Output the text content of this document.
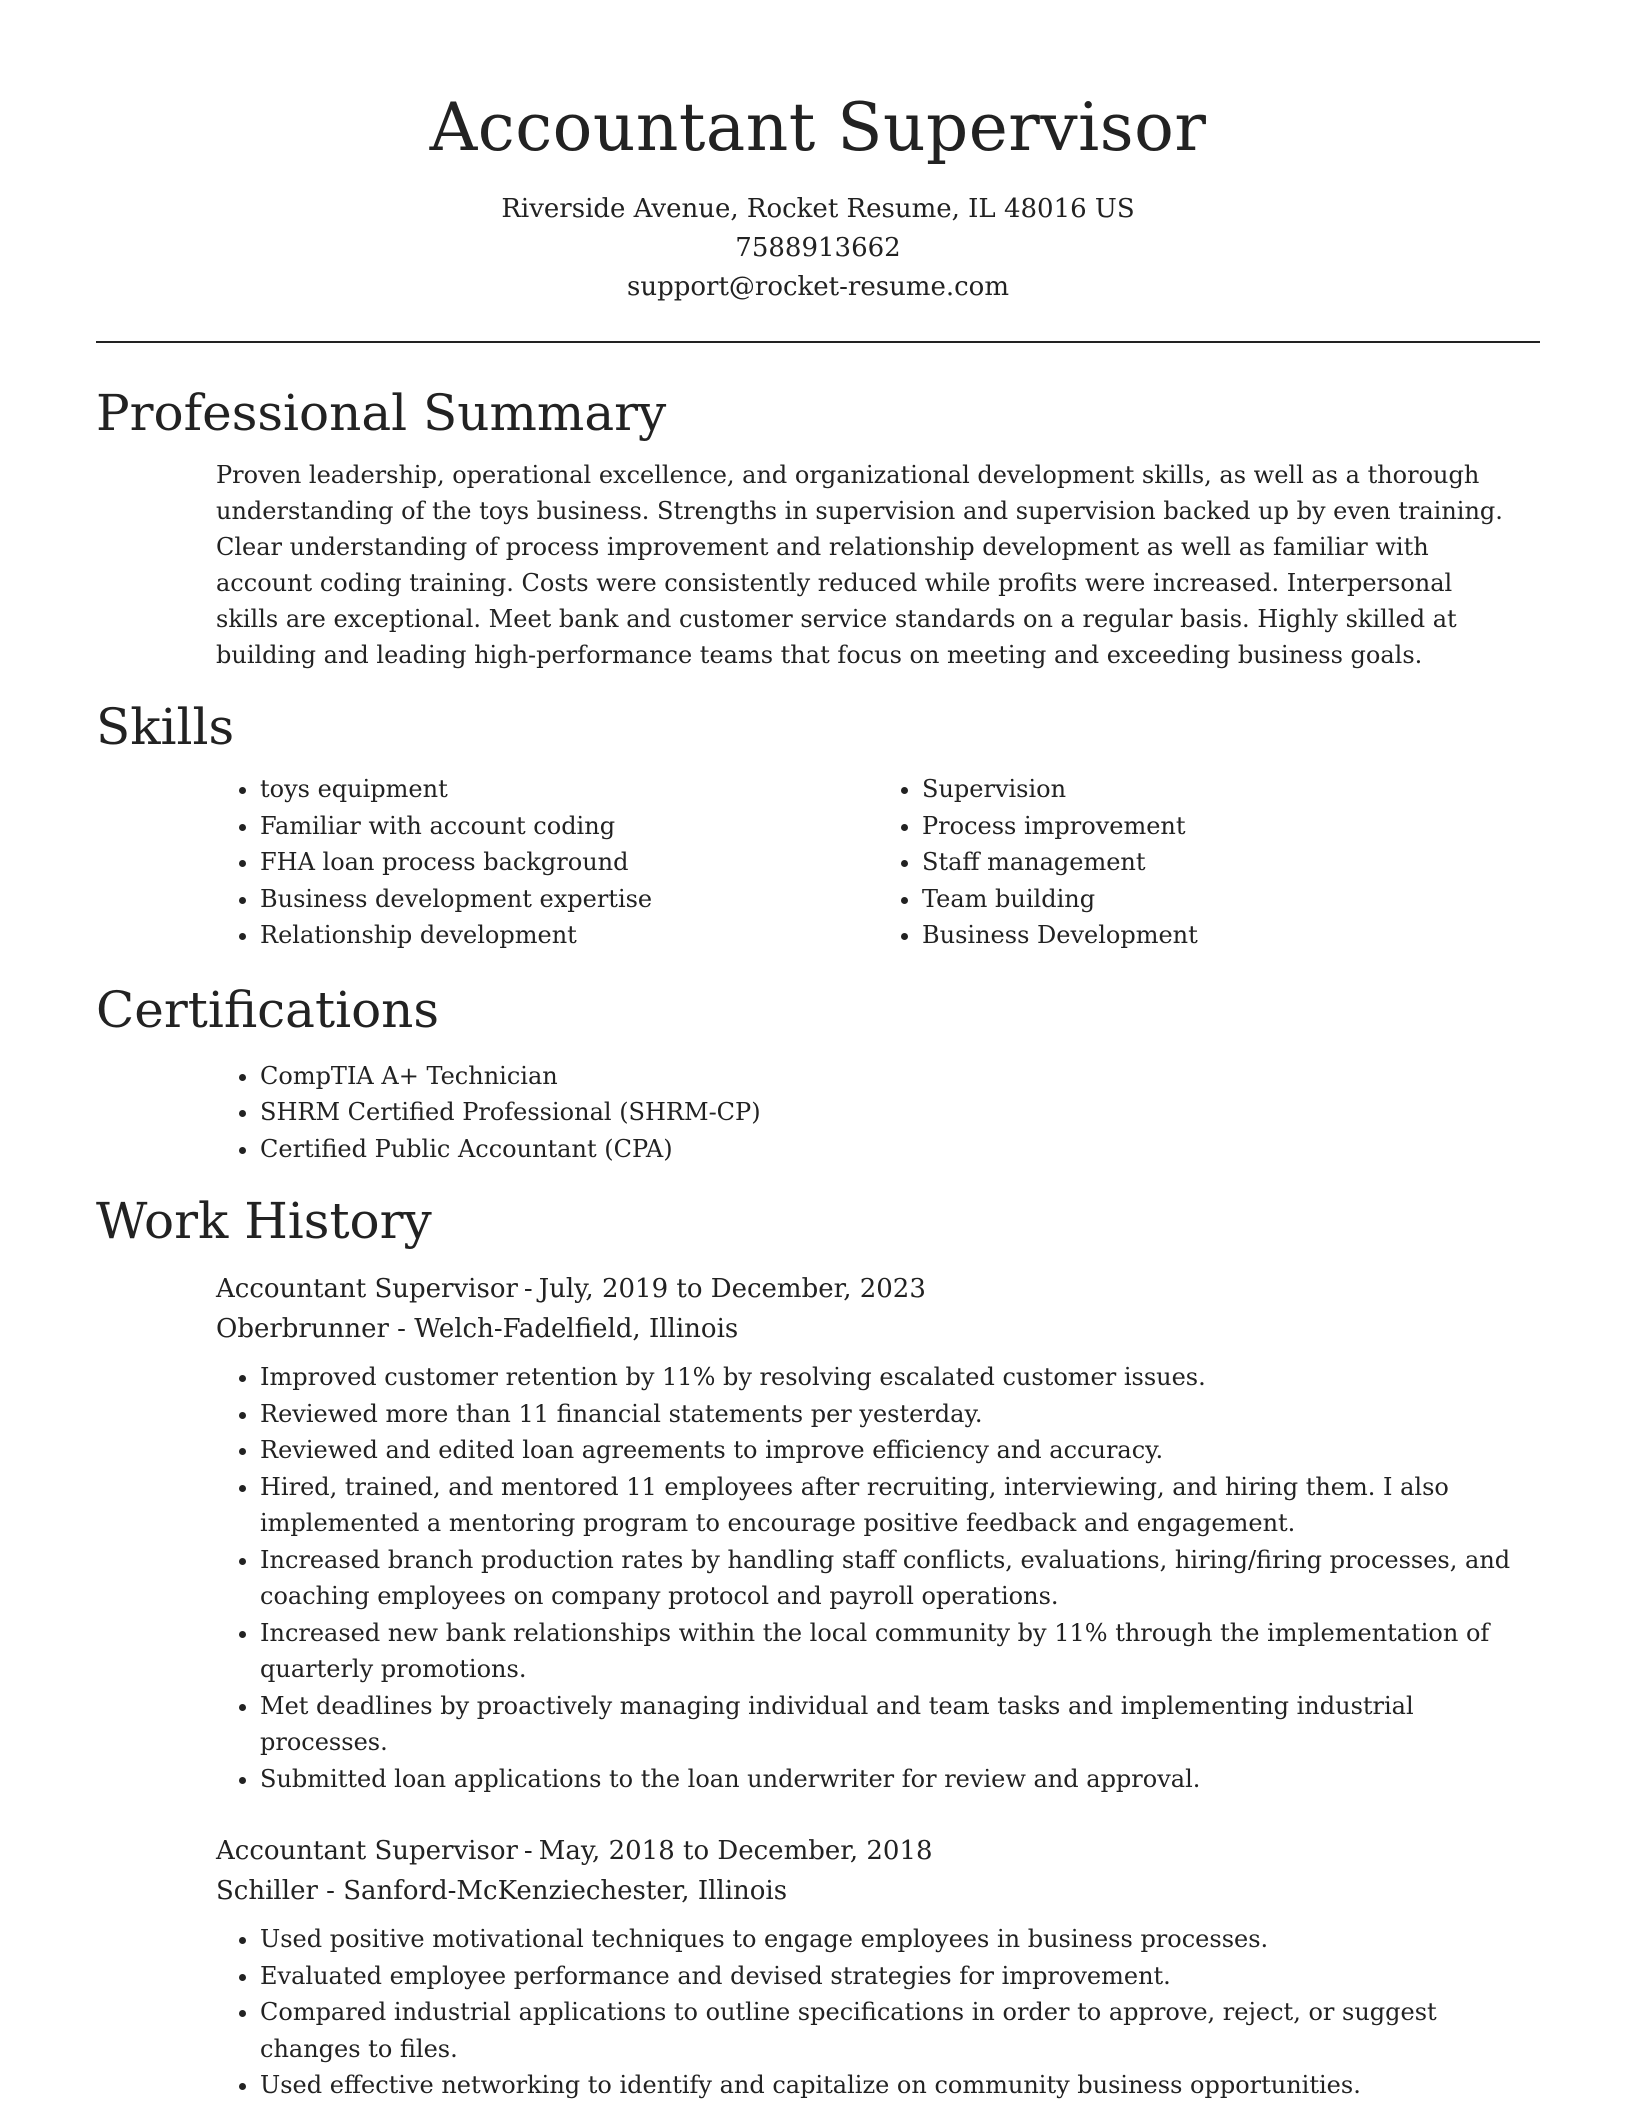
Accountant Supervisor
Riverside Avenue, Rocket Resume, IL 48016 US
7588913662
support@rocket-resume.com
Professional Summary

Proven leadership, operational excellence, and organizational development skills, as well as a thorough understanding of the toys business. Strengths in supervision and supervision backed up by even training. Clear understanding of process improvement and relationship development as well as familiar with account coding training. Costs were consistently reduced while profits were increased. Interpersonal skills are exceptional. Meet bank and customer service standards on a regular basis. Highly skilled at building and leading high-performance teams that focus on meeting and exceeding business goals.

Skills
• toys equipment
• Familiar with account coding
• FHA loan process background
• Business development expertise
• Relationship development
• Supervision
• Process improvement
• Staff management
• Team building
• Business Development
Certifications
• CompTIA A+ Technician
• SHRM Certified Professional (SHRM-CP)
• Certified Public Accountant (CPA)
Work History
Accountant Supervisor - July, 2019 to December, 2023
Oberbrunner - Welch-Fadelfield, Illinois
• Improved customer retention by 11% by resolving escalated customer issues.
• Reviewed more than 11 financial statements per yesterday.
• Reviewed and edited loan agreements to improve efficiency and accuracy.
• Hired, trained, and mentored 11 employees after recruiting, interviewing, and hiring them. I also implemented a mentoring program to encourage positive feedback and engagement.
• Increased branch production rates by handling staff conflicts, evaluations, hiring/firing processes, and coaching employees on company protocol and payroll operations.
• Increased new bank relationships within the local community by 11% through the implementation of quarterly promotions.
• Met deadlines by proactively managing individual and team tasks and implementing industrial processes.
• Submitted loan applications to the loan underwriter for review and approval.
Accountant Supervisor - May, 2018 to December, 2018
Schiller - Sanford-McKenziechester, Illinois
• Used positive motivational techniques to engage employees in business processes.
• Evaluated employee performance and devised strategies for improvement.
• Compared industrial applications to outline specifications in order to approve, reject, or suggest changes to files.
• Used effective networking to identify and capitalize on community business opportunities.
